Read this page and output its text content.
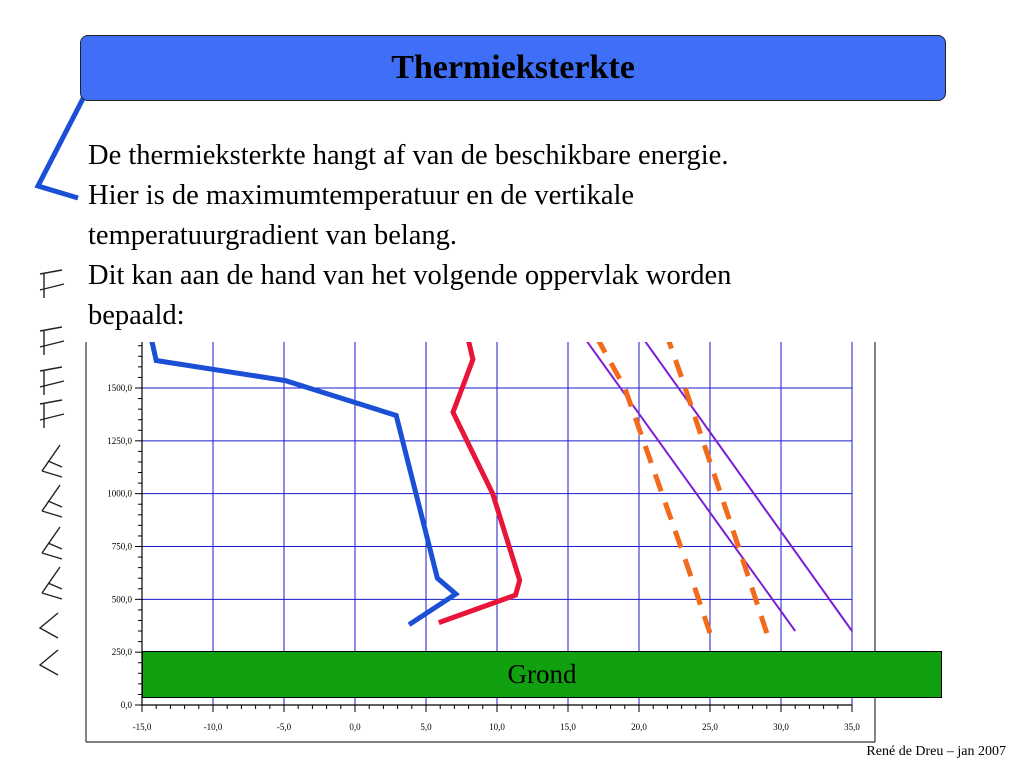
0,0
250,0
500,0
750,0
1000,0
1250,0
1500,0
-15,0	-10,0	-5,0	0,0	5,0	10,0	15,0	20,0	25,0	30,0	35,0
Thermieksterkte
De thermieksterkte hangt af van de beschikbare energie.
Hier is de maximumtemperatuur en de vertikale
temperatuurgradient van belang.
Dit kan aan de hand van het volgende oppervlak worden
bepaald:
Grond
René de Dreu – jan 2007
